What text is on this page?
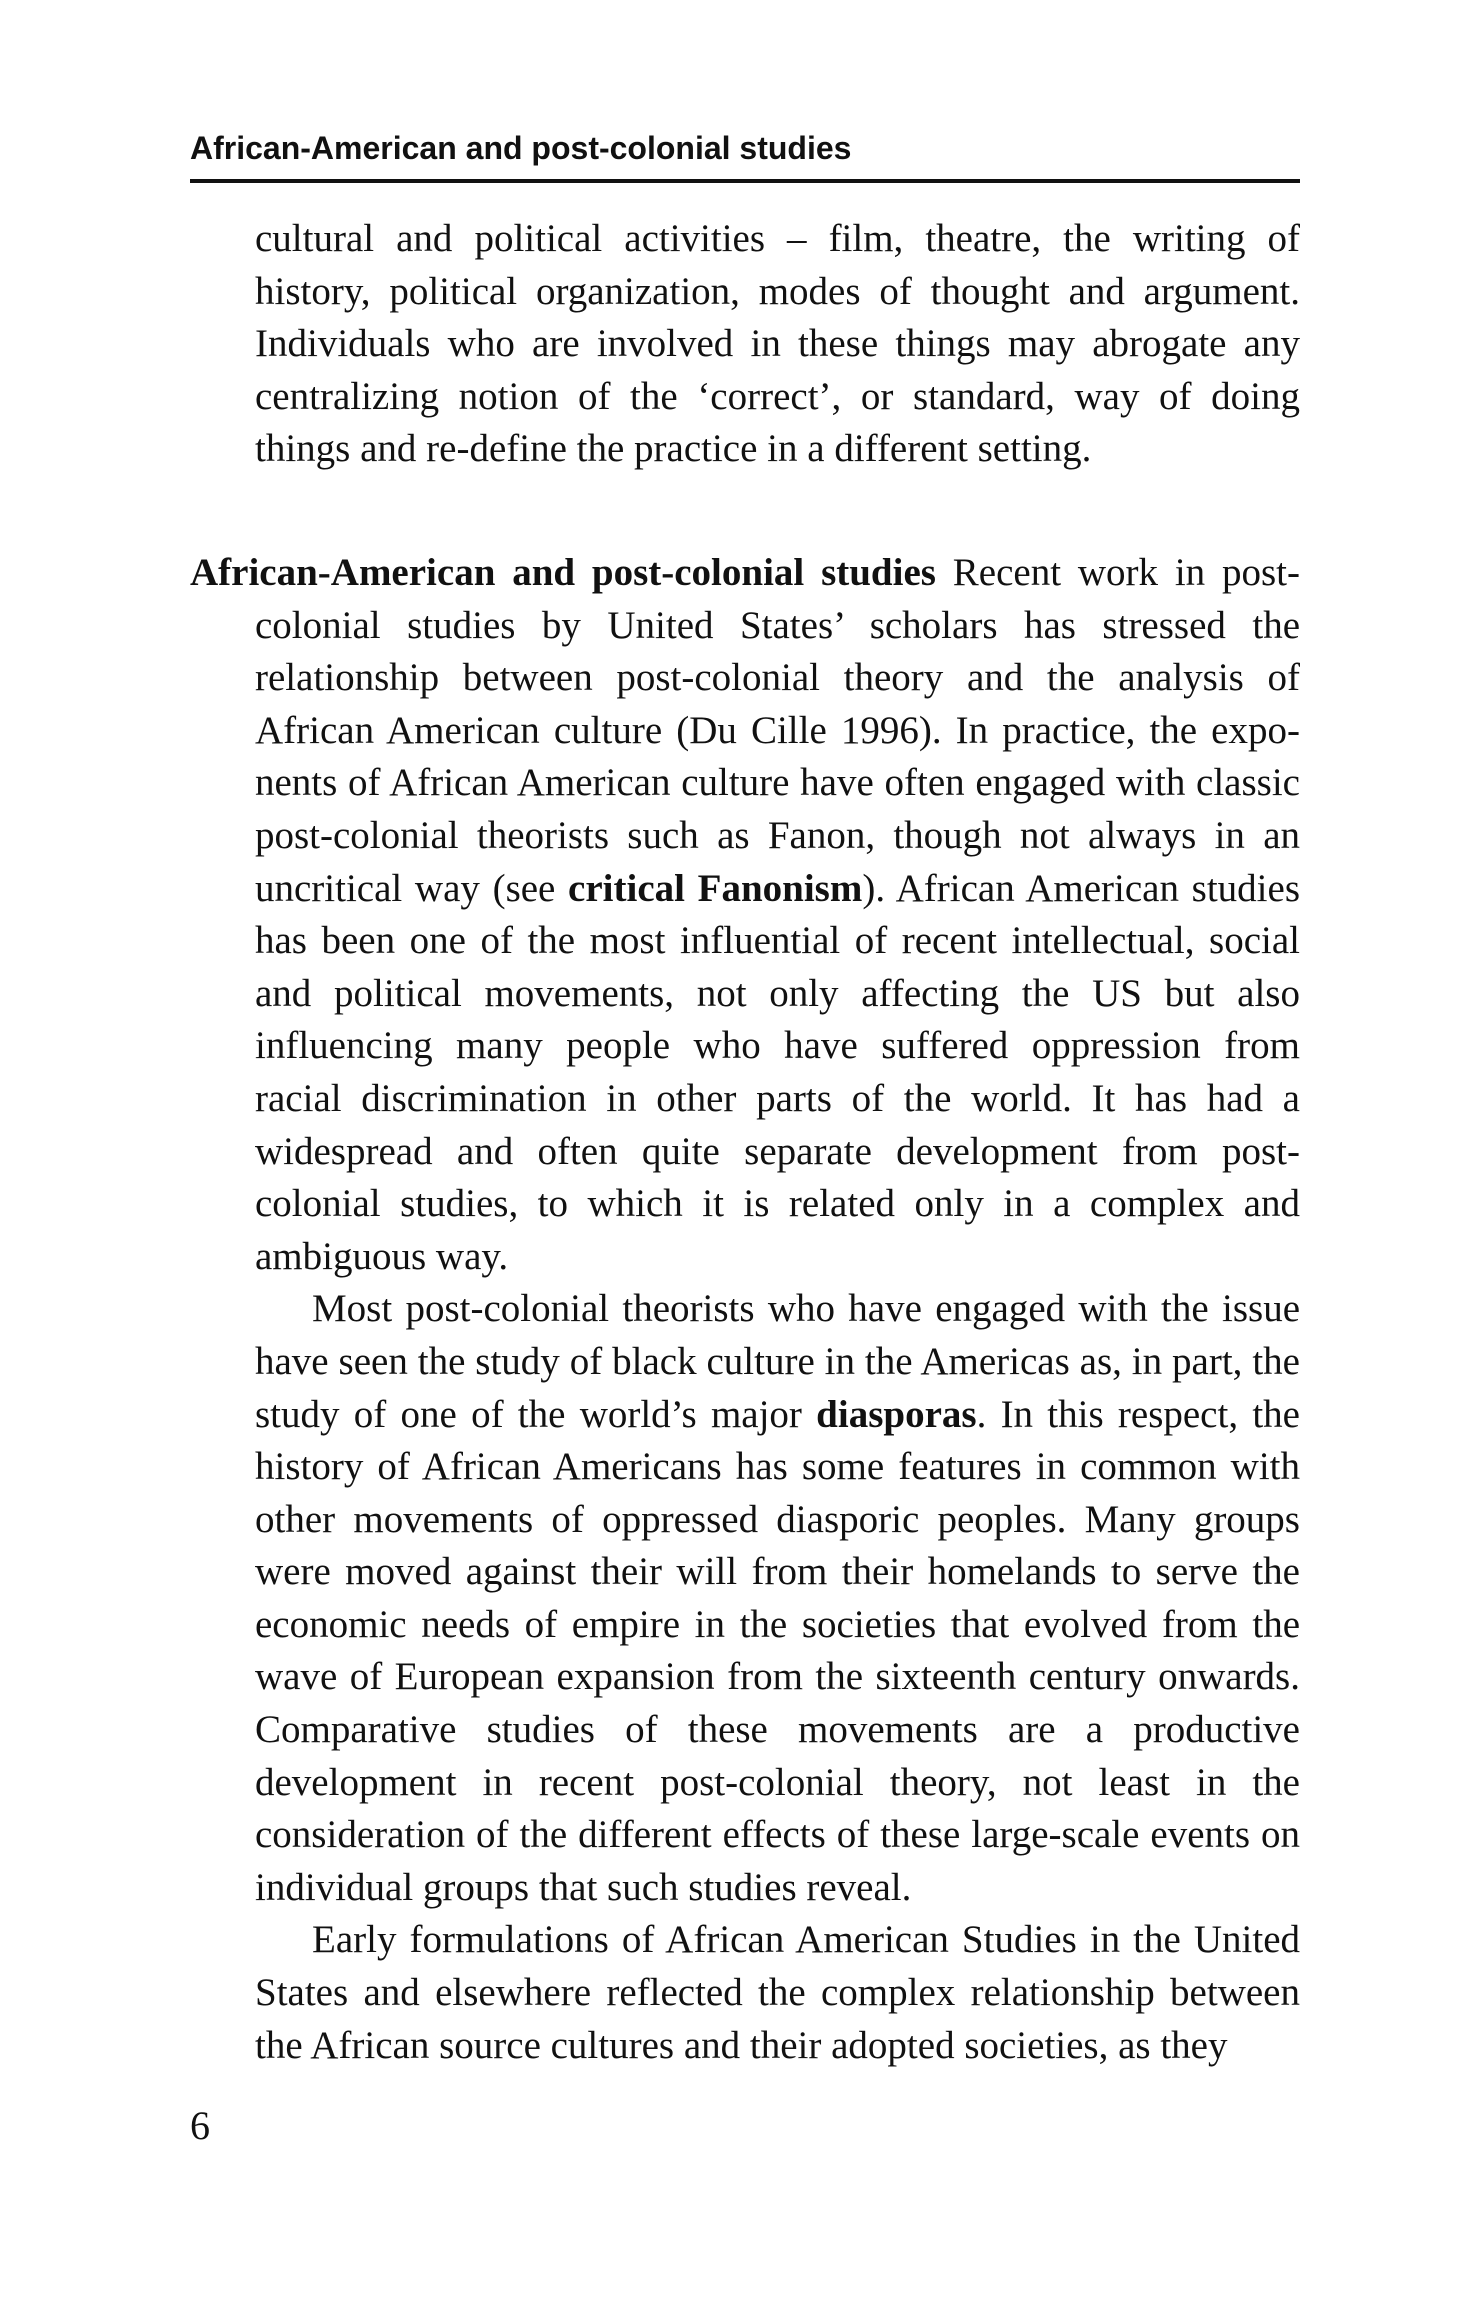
African-American and post-colonial studies
cultural and political activities – film, theatre, the writing of history, political organization, modes of thought and argument. Individuals who are involved in these things may abrogate any centralizing notion of the ‘correct’, or standard, way of doing things and re-define the practice in a different setting.

African-American and post-colonial studies Recent work in post-colonial studies by United States’ scholars has stressed the relationship between post-colonial theory and the analysis of African American culture (Du Cille 1996). In practice, the exponents of African American culture have often engaged with classic post-colonial theorists such as Fanon, though not always in an uncritical way (see critical Fanonism). African American studies has been one of the most influential of recent intellectual, social and political movements, not only affecting the US but also influencing many people who have suffered oppression from racial discrimination in other parts of the world. It has had a widespread and often quite separate development from post-colonial studies, to which it is related only in a complex and ambiguous way.

Most post-colonial theorists who have engaged with the issue have seen the study of black culture in the Americas as, in part, the study of one of the world’s major diasporas. In this respect, the history of African Americans has some features in common with other movements of oppressed diasporic peoples. Many groups were moved against their will from their homelands to serve the economic needs of empire in the societies that evolved from the wave of European expansion from the sixteenth century onwards. Comparative studies of these movements are a productive development in recent post-colonial theory, not least in the consideration of the different effects of these large-scale events on individual groups that such studies reveal.

Early formulations of African American Studies in the United States and elsewhere reflected the complex relationship between the African source cultures and their adopted societies, as they

6
